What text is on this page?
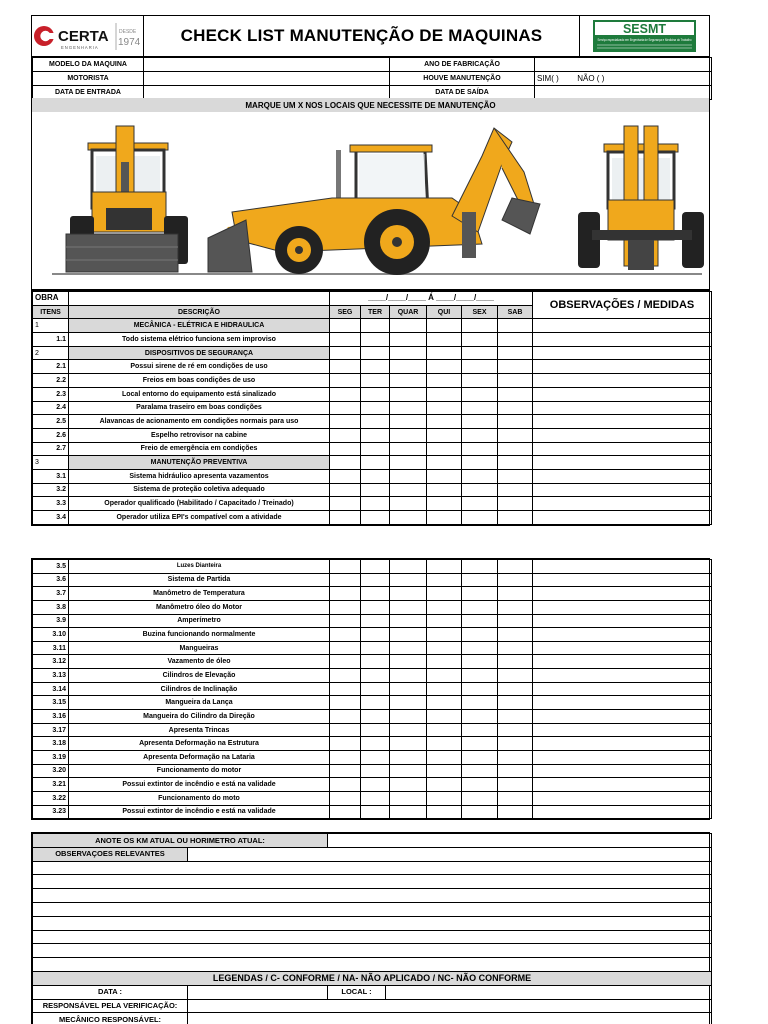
CERTA
ENGENHARIA
DESDE
1974	CHECK LIST MANUTENÇÃO DE MAQUINAS	SESMT
Serviço especializado em Engenharia de Segurança e Medicina do Trabalho
MODELO DA MAQUINA		ANO DE FABRICAÇÃO	
MOTORISTA		HOUVE MANUTENÇÃO	SIM( ) NÃO ( )
DATA DE ENTRADA		DATA DE SAÍDA	
MARQUE UM X NOS LOCAIS QUE NECESSITE DE MANUTENÇÃO
OBRA		____/____/____ Á ____/____/____						OBSERVAÇÕES / MEDIDAS
ITENS	DESCRIÇÃO	SEG	TER	QUAR	QUI	SEX	SAB	
1	MECÂNICA - ELÉTRICA E HIDRAULICA							
1.1	Todo sistema elétrico funciona sem improviso							
2	DISPOSITIVOS DE SEGURANÇA							
2.1	Possui sirene de ré em condições de uso							
2.2	Freios em boas condições de uso							
2.3	Local entorno do equipamento está sinalizado							
2.4	Paralama traseiro em boas condições							
2.5	Alavancas de acionamento em condições normais para uso							
2.6	Espelho retrovisor na cabine							
2.7	Freio de emergência em condições							
3	MANUTENÇÃO PREVENTIVA							
3.1	Sistema hidráulico apresenta vazamentos							
3.2	Sistema de proteção coletiva adequado							
3.3	Operador qualificado (Habilitado / Capacitado / Treinado)							
3.4	Operador utiliza EPI's compatível com a atividade							
3.5	Luzes Dianteira							
3.6	Sistema de Partida							
3.7	Manômetro de Temperatura							
3.8	Manômetro óleo do Motor							
3.9	Amperímetro							
3.10	Buzina funcionando normalmente							
3.11	Mangueiras							
3.12	Vazamento de óleo							
3.13	Cilindros de Elevação							
3.14	Cilindros de Inclinação							
3.15	Mangueira da Lança							
3.16	Mangueira do Cilindro da Direção							
3.17	Apresenta Trincas							
3.18	Apresenta Deformação na Estrutura							
3.19	Apresenta Deformação na Lataria							
3.20	Funcionamento do motor							
3.21	Possui extintor de incêndio e está na validade							
3.22	Funcionamento do moto							
3.23	Possui extintor de incêndio e está na validade							
ANOTE OS KM ATUAL OU HORIMETRO ATUAL:			
OBSERVAÇOES RELEVANTES			

LEGENDAS / C- CONFORME / NA- NÃO APLICADO / NC- NÃO CONFORME			
DATA :		LOCAL :	
RESPONSÁVEL PELA VERIFICAÇÃO:			
MECÂNICO RESPONSÁVEL:			
